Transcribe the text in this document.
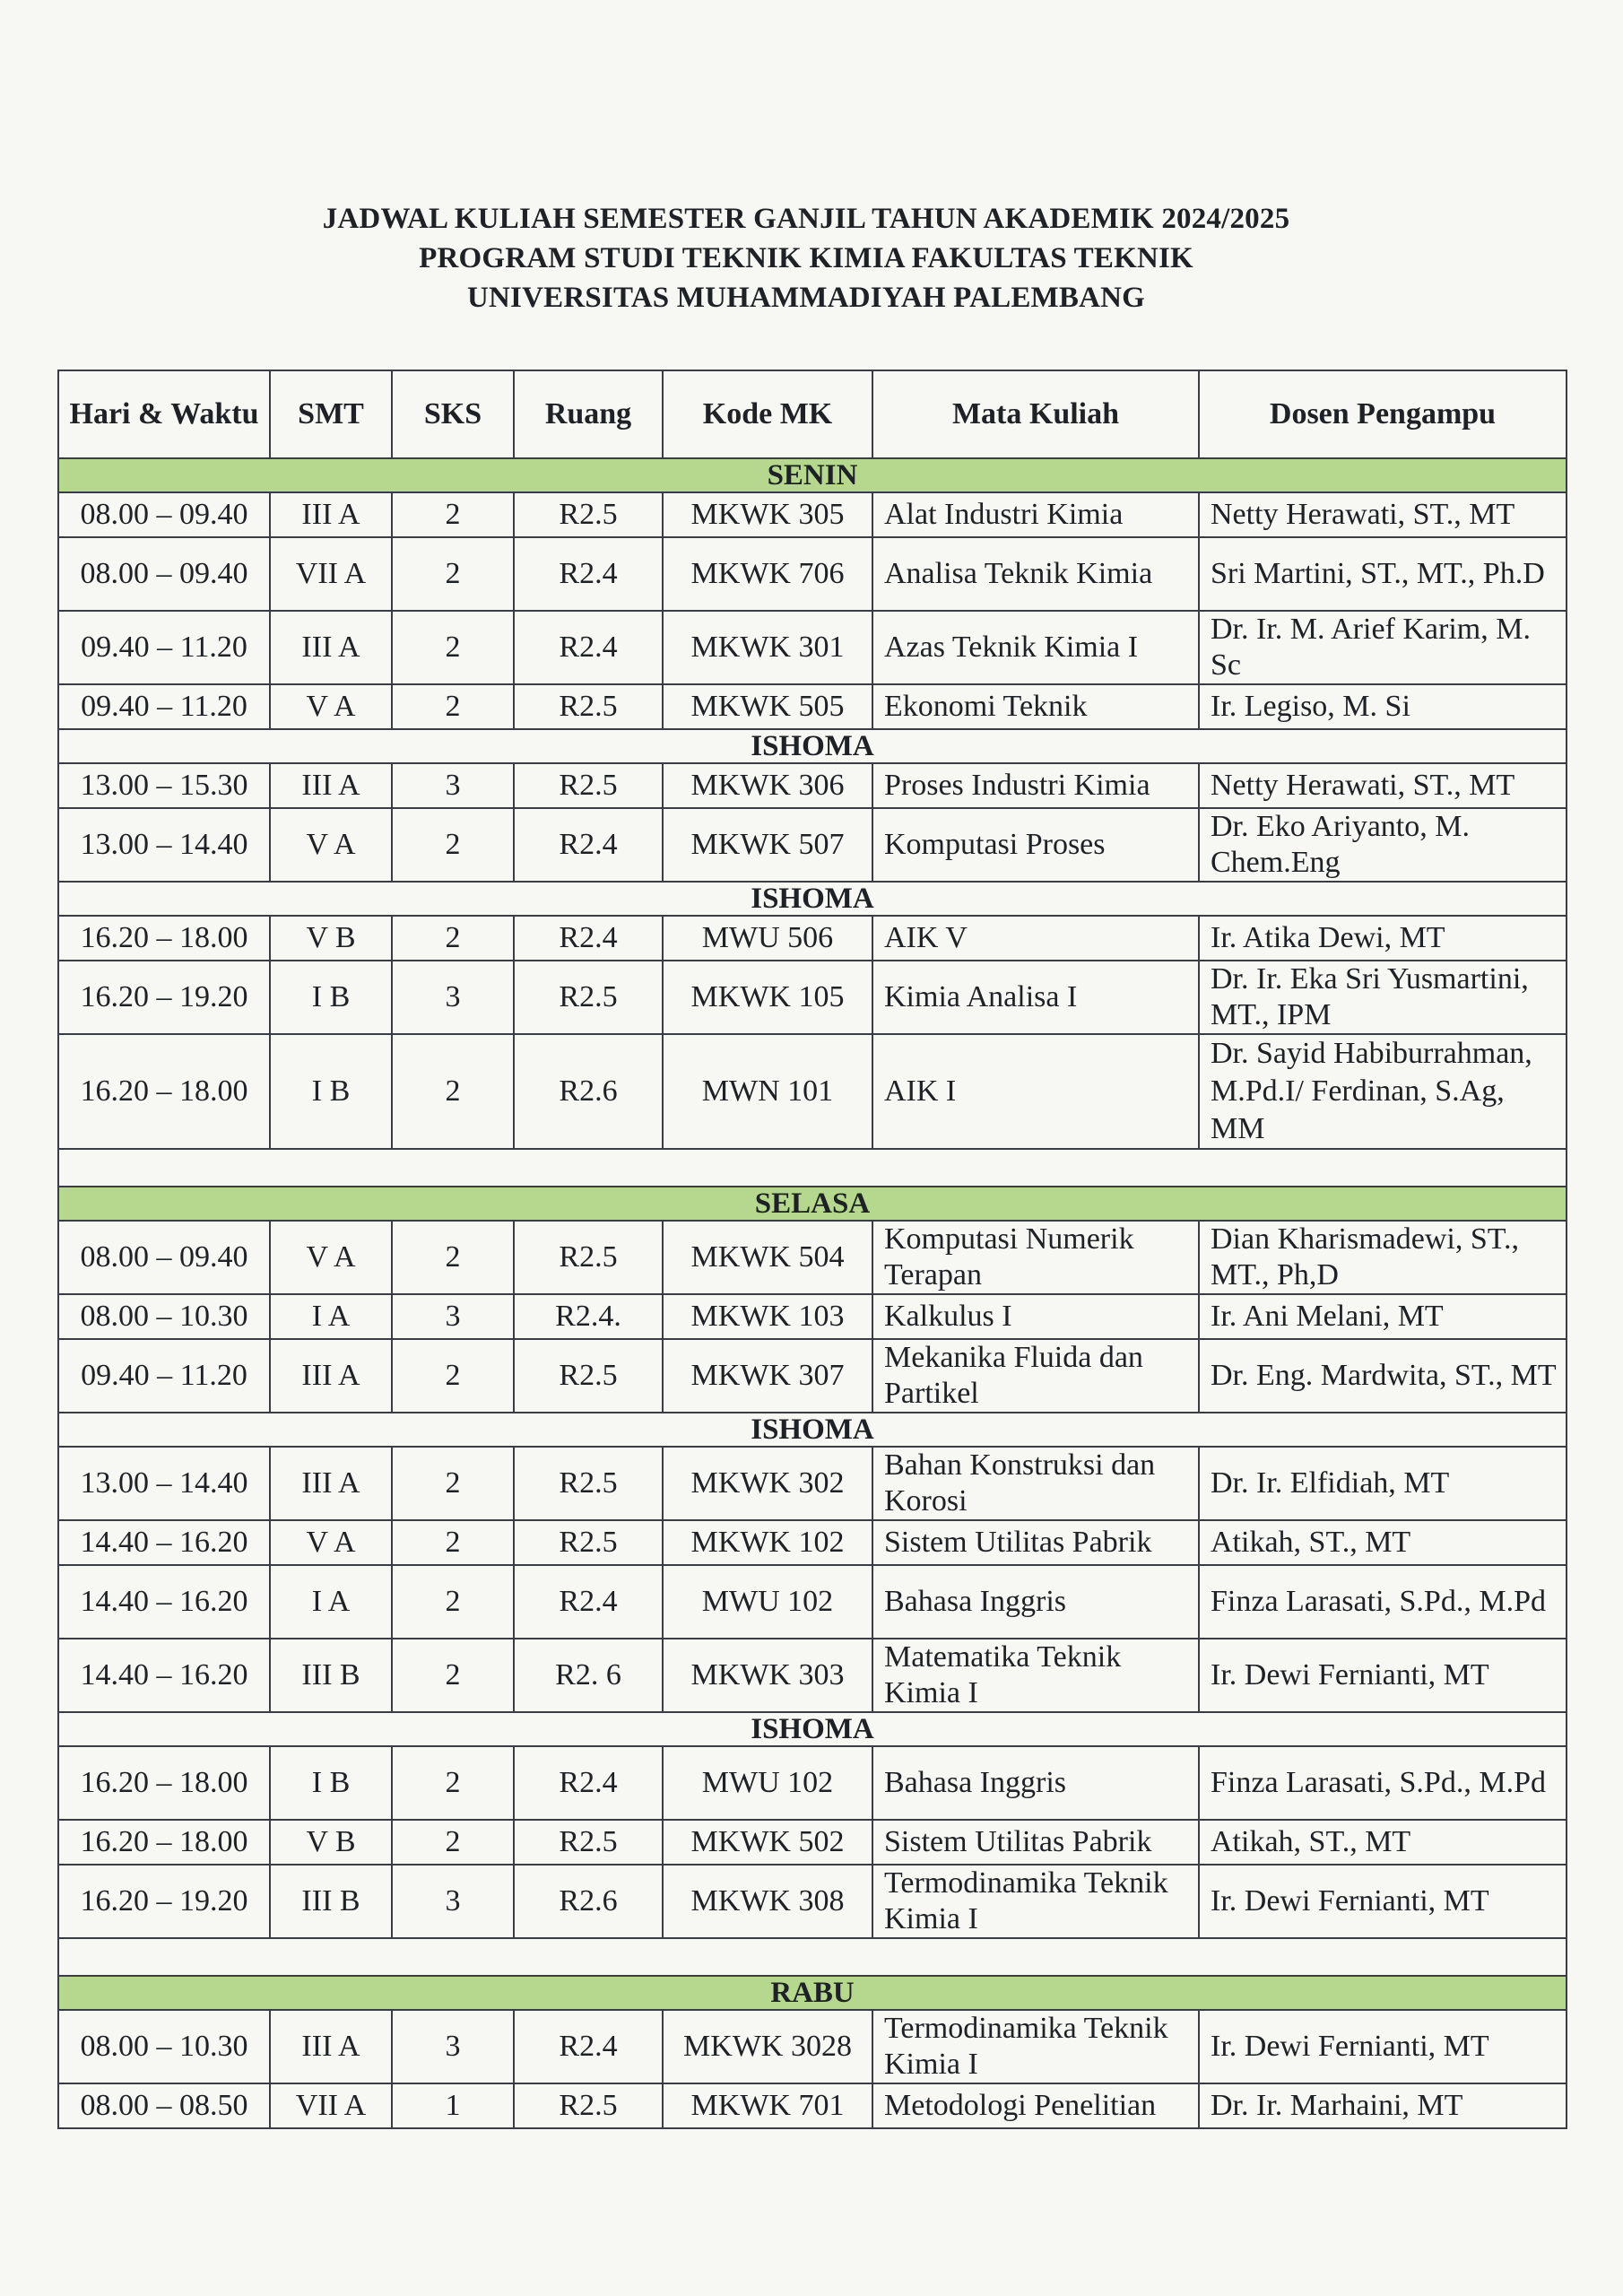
JADWAL KULIAH SEMESTER GANJIL TAHUN AKADEMIK 2024/2025
PROGRAM STUDI TEKNIK KIMIA FAKULTAS TEKNIK
UNIVERSITAS MUHAMMADIYAH PALEMBANG
Hari & Waktu	SMT	SKS	Ruang	Kode MK	Mata Kuliah	Dosen Pengampu
SENIN						
08.00 – 09.40	III A	2	R2.5	MKWK 305	Alat Industri Kimia	Netty Herawati, ST., MT
08.00 – 09.40	VII A	2	R2.4	MKWK 706	Analisa Teknik Kimia	Sri Martini, ST., MT., Ph.D
09.40 – 11.20	III A	2	R2.4	MKWK 301	Azas Teknik Kimia I	Dr. Ir. M. Arief Karim, M. Sc
09.40 – 11.20	V A	2	R2.5	MKWK 505	Ekonomi Teknik	Ir. Legiso, M. Si
ISHOMA						
13.00 – 15.30	III A	3	R2.5	MKWK 306	Proses Industri Kimia	Netty Herawati, ST., MT
13.00 – 14.40	V A	2	R2.4	MKWK 507	Komputasi Proses	Dr. Eko Ariyanto, M. Chem.Eng
ISHOMA						
16.20 – 18.00	V B	2	R2.4	MWU 506	AIK V	Ir. Atika Dewi, MT
16.20 – 19.20	I B	3	R2.5	MKWK 105	Kimia Analisa I	Dr. Ir. Eka Sri Yusmartini, MT., IPM
16.20 – 18.00	I B	2	R2.6	MWN 101	AIK I	Dr. Sayid Habiburrahman, M.Pd.I/ Ferdinan, S.Ag, MM

SELASA						
08.00 – 09.40	V A	2	R2.5	MKWK 504	Komputasi Numerik Terapan	Dian Kharismadewi, ST., MT., Ph,D
08.00 – 10.30	I A	3	R2.4.	MKWK 103	Kalkulus I	Ir. Ani Melani, MT
09.40 – 11.20	III A	2	R2.5	MKWK 307	Mekanika Fluida dan Partikel	Dr. Eng. Mardwita, ST., MT
ISHOMA						
13.00 – 14.40	III A	2	R2.5	MKWK 302	Bahan Konstruksi dan Korosi	Dr. Ir. Elfidiah, MT
14.40 – 16.20	V A	2	R2.5	MKWK 102	Sistem Utilitas Pabrik	Atikah, ST., MT
14.40 – 16.20	I A	2	R2.4	MWU 102	Bahasa Inggris	Finza Larasati, S.Pd., M.Pd
14.40 – 16.20	III B	2	R2. 6	MKWK 303	Matematika Teknik Kimia I	Ir. Dewi Fernianti, MT
ISHOMA						
16.20 – 18.00	I B	2	R2.4	MWU 102	Bahasa Inggris	Finza Larasati, S.Pd., M.Pd
16.20 – 18.00	V B	2	R2.5	MKWK 502	Sistem Utilitas Pabrik	Atikah, ST., MT
16.20 – 19.20	III B	3	R2.6	MKWK 308	Termodinamika Teknik Kimia I	Ir. Dewi Fernianti, MT

RABU						
08.00 – 10.30	III A	3	R2.4	MKWK 3028	Termodinamika Teknik Kimia I	Ir. Dewi Fernianti, MT
08.00 – 08.50	VII A	1	R2.5	MKWK 701	Metodologi Penelitian	Dr. Ir. Marhaini, MT
